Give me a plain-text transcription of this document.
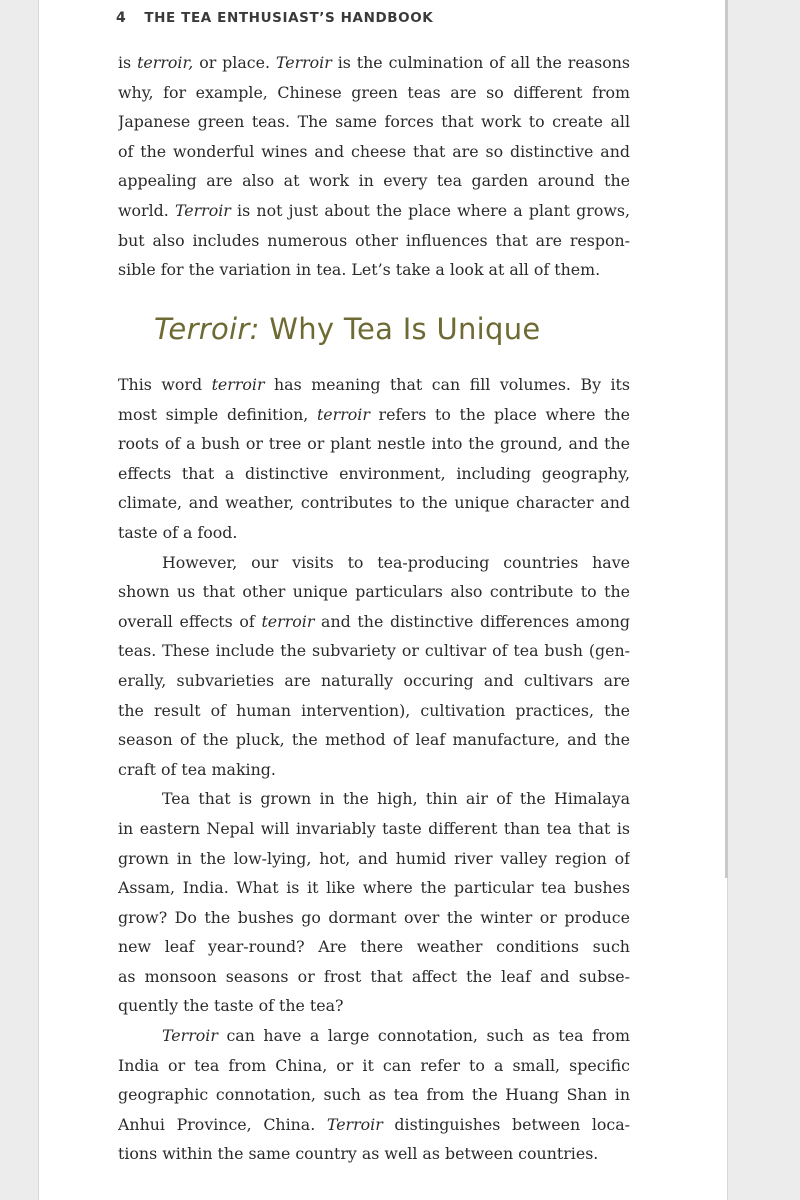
4 THE TEA ENTHUSIAST’S HANDBOOK
is terroir, or place. Terroir is the culmination of all the reasons
why, for example, Chinese green teas are so different from
Japanese green teas. The same forces that work to create all
of the wonderful wines and cheese that are so distinctive and
appealing are also at work in every tea garden around the
world. Terroir is not just about the place where a plant grows,
but also includes numerous other influences that are respon-
sible for the variation in tea. Let’s take a look at all of them.
Terroir: Why Tea Is Unique
This word terroir has meaning that can fill volumes. By its
most simple definition, terroir refers to the place where the
roots of a bush or tree or plant nestle into the ground, and the
effects that a distinctive environment, including geography,
climate, and weather, contributes to the unique character and
taste of a food.
However, our visits to tea-producing countries have
shown us that other unique particulars also contribute to the
overall effects of terroir and the distinctive differences among
teas. These include the subvariety or cultivar of tea bush (gen-
erally, subvarieties are naturally occuring and cultivars are
the result of human intervention), cultivation practices, the
season of the pluck, the method of leaf manufacture, and the
craft of tea making.
Tea that is grown in the high, thin air of the Himalaya
in eastern Nepal will invariably taste different than tea that is
grown in the low-lying, hot, and humid river valley region of
Assam, India. What is it like where the particular tea bushes
grow? Do the bushes go dormant over the winter or produce
new leaf year-round? Are there weather conditions such
as monsoon seasons or frost that affect the leaf and subse-
quently the taste of the tea?
Terroir can have a large connotation, such as tea from
India or tea from China, or it can refer to a small, specific
geographic connotation, such as tea from the Huang Shan in
Anhui Province, China. Terroir distinguishes between loca-
tions within the same country as well as between countries.
